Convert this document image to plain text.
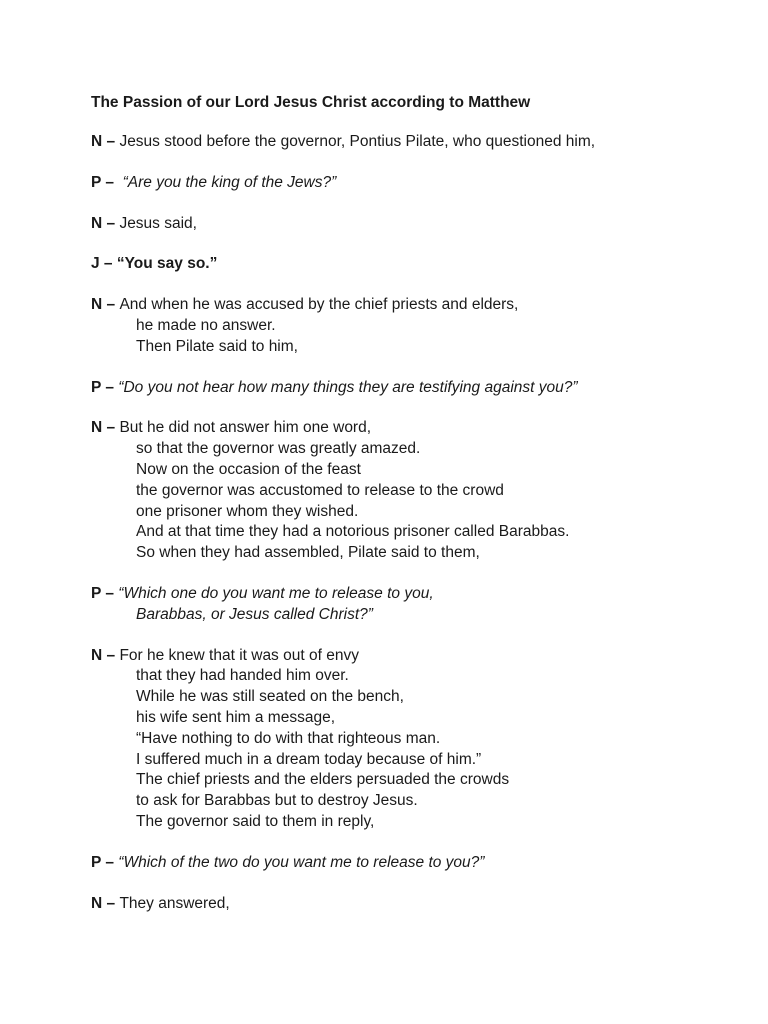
The Passion of our Lord Jesus Christ according to Matthew
N – Jesus stood before the governor, Pontius Pilate, who questioned him,
P –  “Are you the king of the Jews?”
N – Jesus said,
J – “You say so.”
N – And when he was accused by the chief priests and elders,
he made no answer.
Then Pilate said to him,
P – “Do you not hear how many things they are testifying against you?”
N – But he did not answer him one word,
so that the governor was greatly amazed.
Now on the occasion of the feast
the governor was accustomed to release to the crowd
one prisoner whom they wished.
And at that time they had a notorious prisoner called Barabbas.
So when they had assembled, Pilate said to them,
P – “Which one do you want me to release to you,
Barabbas, or Jesus called Christ?”
N – For he knew that it was out of envy
that they had handed him over.
While he was still seated on the bench,
his wife sent him a message,
“Have nothing to do with that righteous man.
I suffered much in a dream today because of him.”
The chief priests and the elders persuaded the crowds
to ask for Barabbas but to destroy Jesus.
The governor said to them in reply,
P – “Which of the two do you want me to release to you?”
N – They answered,
